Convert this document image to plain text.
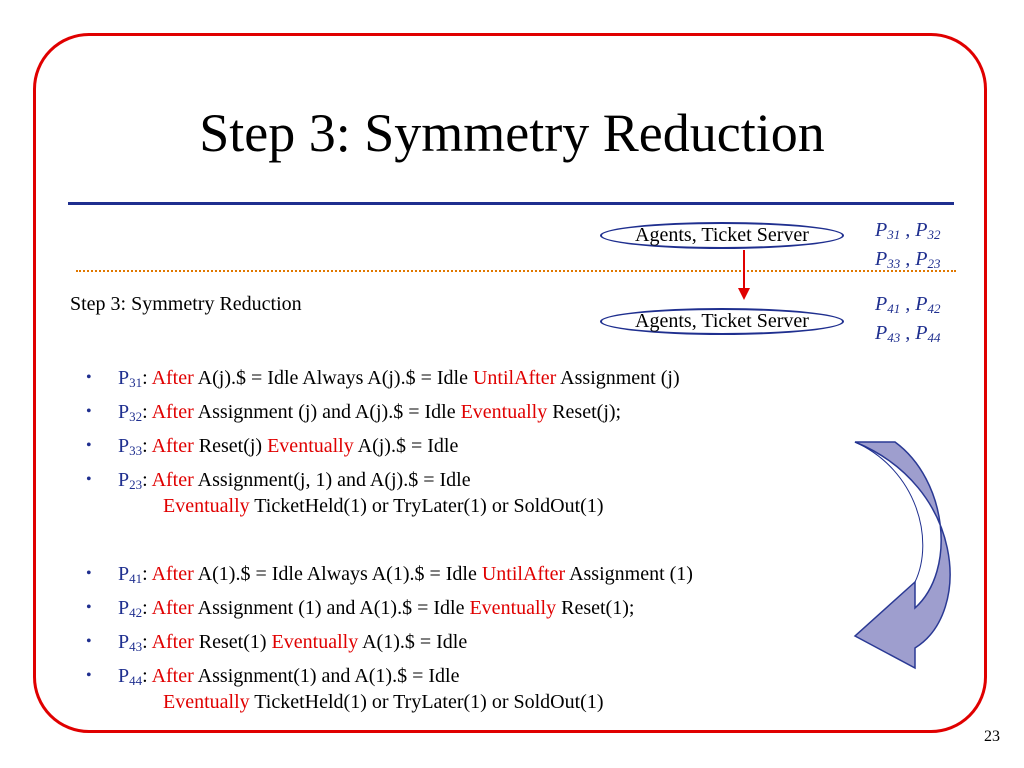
Step 3: Symmetry Reduction
Step 3: Symmetry Reduction
Agents, Ticket Server
Agents, Ticket Server
$P_{31}$ , $P_{32}$
$P_{33}$ , $P_{23}$
$P_{41}$ , $P_{42}$
$P_{43}$ , $P_{44}$
•	$P_{31}$: After A(j).$ = Idle Always A(j).$ = Idle UntilAfter Assignment (j)
•	$P_{32}$: After Assignment (j) and A(j).$ = Idle Eventually Reset(j);
•	$P_{33}$: After Reset(j) Eventually A(j).$ = Idle
•	$P_{23}$: After Assignment(j, 1) and A(j).$ = Idle
Eventually TicketHeld(1) or TryLater(1) or SoldOut(1)
•	$P_{41}$: After A(1).$ = Idle Always A(1).$ = Idle UntilAfter Assignment (1)
•	$P_{42}$: After Assignment (1) and A(1).$ = Idle Eventually Reset(1);
•	$P_{43}$: After Reset(1) Eventually A(1).$ = Idle
•	$P_{44}$: After Assignment(1) and A(1).$ = Idle
Eventually TicketHeld(1) or TryLater(1) or SoldOut(1)
23
